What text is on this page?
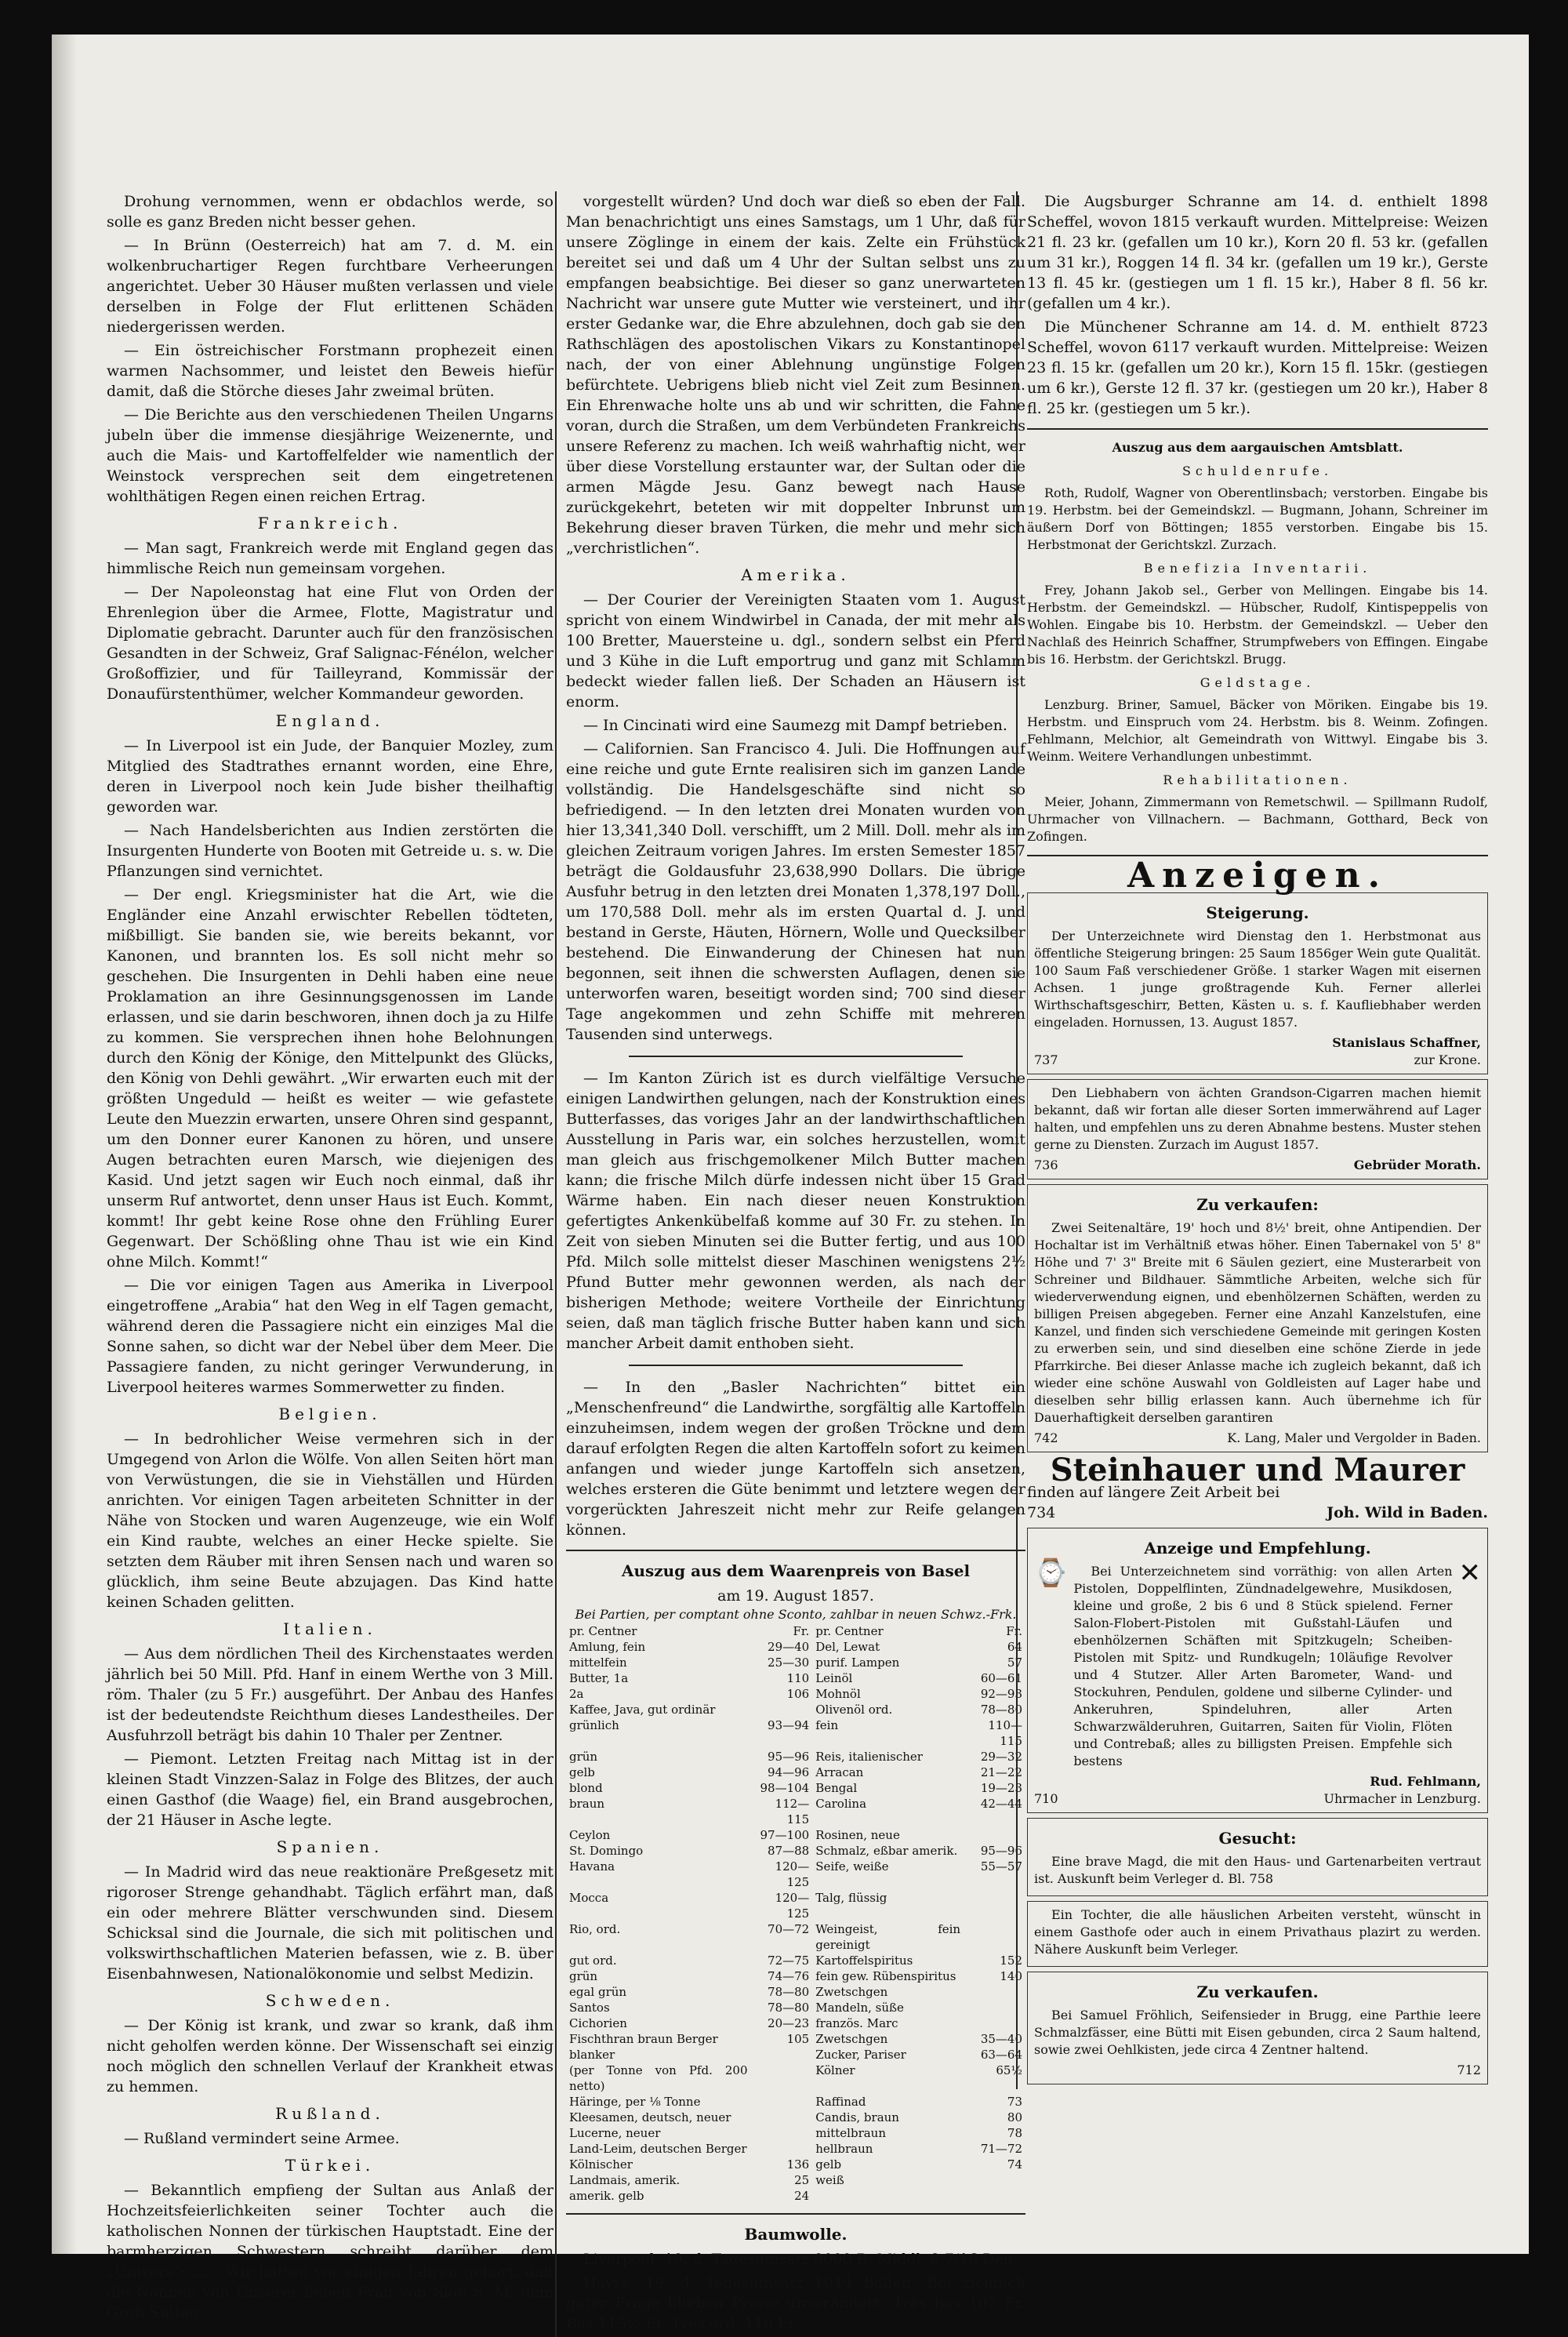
Drohung vernommen, wenn er obdachlos werde, so solle es ganz Breden nicht besser gehen.

— In Brünn (Oesterreich) hat am 7. d. M. ein wolkenbruchartiger Regen furchtbare Verheerungen angerichtet. Ueber 30 Häuser mußten verlassen und viele derselben in Folge der Flut erlittenen Schäden niedergerissen werden.

— Ein östreichischer Forstmann prophezeit einen warmen Nachsommer, und leistet den Beweis hiefür damit, daß die Störche dieses Jahr zweimal brüten.

— Die Berichte aus den verschiedenen Theilen Ungarns jubeln über die immense diesjährige Weizenernte, und auch die Mais- und Kartoffelfelder wie namentlich der Weinstock versprechen seit dem eingetretenen wohlthätigen Regen einen reichen Ertrag.

Frankreich.

— Man sagt, Frankreich werde mit England gegen das himmlische Reich nun gemeinsam vorgehen.

— Der Napoleonstag hat eine Flut von Orden der Ehrenlegion über die Armee, Flotte, Magistratur und Diplomatie gebracht. Darunter auch für den französischen Gesandten in der Schweiz, Graf Salignac-Fénélon, welcher Großoffizier, und für Tailleyrand, Kommissär der Donaufürstenthümer, welcher Kommandeur geworden.

England.

— In Liverpool ist ein Jude, der Banquier Mozley, zum Mitglied des Stadtrathes ernannt worden, eine Ehre, deren in Liverpool noch kein Jude bisher theilhaftig geworden war.

— Nach Handelsberichten aus Indien zerstörten die Insurgenten Hunderte von Booten mit Getreide u. s. w. Die Pflanzungen sind vernichtet.

— Der engl. Kriegsminister hat die Art, wie die Engländer eine Anzahl erwischter Rebellen tödteten, mißbilligt. Sie banden sie, wie bereits bekannt, vor Kanonen, und brannten los. Es soll nicht mehr so geschehen. Die Insurgenten in Dehli haben eine neue Proklamation an ihre Gesinnungsgenossen im Lande erlassen, und sie darin beschworen, ihnen doch ja zu Hilfe zu kommen. Sie versprechen ihnen hohe Belohnungen durch den König der Könige, den Mittelpunkt des Glücks, den König von Dehli gewährt. „Wir erwarten euch mit der größten Ungeduld — heißt es weiter — wie gefastete Leute den Muezzin erwarten, unsere Ohren sind gespannt, um den Donner eurer Kanonen zu hören, und unsere Augen betrachten euren Marsch, wie diejenigen des Kasid. Und jetzt sagen wir Euch noch einmal, daß ihr unserm Ruf antwortet, denn unser Haus ist Euch. Kommt, kommt! Ihr gebt keine Rose ohne den Frühling Eurer Gegenwart. Der Schößling ohne Thau ist wie ein Kind ohne Milch. Kommt!“

— Die vor einigen Tagen aus Amerika in Liverpool eingetroffene „Arabia“ hat den Weg in elf Tagen gemacht, während deren die Passagiere nicht ein einziges Mal die Sonne sahen, so dicht war der Nebel über dem Meer. Die Passagiere fanden, zu nicht geringer Verwunderung, in Liverpool heiteres warmes Sommerwetter zu finden.

Belgien.

— In bedrohlicher Weise vermehren sich in der Umgegend von Arlon die Wölfe. Von allen Seiten hört man von Verwüstungen, die sie in Viehställen und Hürden anrichten. Vor einigen Tagen arbeiteten Schnitter in der Nähe von Stocken und waren Augenzeuge, wie ein Wolf ein Kind raubte, welches an einer Hecke spielte. Sie setzten dem Räuber mit ihren Sensen nach und waren so glücklich, ihm seine Beute abzujagen. Das Kind hatte keinen Schaden gelitten.

Italien.

— Aus dem nördlichen Theil des Kirchenstaates werden jährlich bei 50 Mill. Pfd. Hanf in einem Werthe von 3 Mill. röm. Thaler (zu 5 Fr.) ausgeführt. Der Anbau des Hanfes ist der bedeutendste Reichthum dieses Landestheiles. Der Ausfuhrzoll beträgt bis dahin 10 Thaler per Zentner.

— Piemont. Letzten Freitag nach Mittag ist in der kleinen Stadt Vinzzen-Salaz in Folge des Blitzes, der auch einen Gasthof (die Waage) fiel, ein Brand ausgebrochen, der 21 Häuser in Asche legte.

Spanien.

— In Madrid wird das neue reaktionäre Preßgesetz mit rigoroser Strenge gehandhabt. Täglich erfährt man, daß ein oder mehrere Blätter verschwunden sind. Diesem Schicksal sind die Journale, die sich mit politischen und volkswirthschaftlichen Materien befassen, wie z. B. über Eisenbahnwesen, Nationalökonomie und selbst Medizin.

Schweden.

— Der König ist krank, und zwar so krank, daß ihm nicht geholfen werden könne. Der Wissenschaft sei einzig noch möglich den schnellen Verlauf der Krankheit etwas zu hemmen.

Rußland.

— Rußland vermindert seine Armee.

Türkei.

— Bekanntlich empfieng der Sultan aus Anlaß der Hochzeitsfeierlichkeiten seiner Tochter auch die katholischen Nonnen der türkischen Hauptstadt. Eine der barmherzigen Schwestern schreibt darüber dem „Univers“: „.... Wir hatten vor einigen Jahren gehört, daß die Nonnen von Unserer lieben Frau von Sion S. M. dem Groß-Sultan

vorgestellt würden? Und doch war dieß so eben der Fall. Man benachrichtigt uns eines Samstags, um 1 Uhr, daß für unsere Zöglinge in einem der kais. Zelte ein Frühstück bereitet sei und daß um 4 Uhr der Sultan selbst uns zu empfangen beabsichtige. Bei dieser so ganz unerwarteten Nachricht war unsere gute Mutter wie versteinert, und ihr erster Gedanke war, die Ehre abzulehnen, doch gab sie den Rathschlägen des apostolischen Vikars zu Konstantinopel nach, der von einer Ablehnung ungünstige Folgen befürchtete. Uebrigens blieb nicht viel Zeit zum Besinnen. Ein Ehrenwache holte uns ab und wir schritten, die Fahne voran, durch die Straßen, um dem Verbündeten Frankreichs unsere Referenz zu machen. Ich weiß wahrhaftig nicht, wer über diese Vorstellung erstaunter war, der Sultan oder die armen Mägde Jesu. Ganz bewegt nach Hause zurückgekehrt, beteten wir mit doppelter Inbrunst um Bekehrung dieser braven Türken, die mehr und mehr sich „verchristlichen“.

Amerika.

— Der Courier der Vereinigten Staaten vom 1. August spricht von einem Windwirbel in Canada, der mit mehr als 100 Bretter, Mauersteine u. dgl., sondern selbst ein Pferd und 3 Kühe in die Luft emportrug und ganz mit Schlamm bedeckt wieder fallen ließ. Der Schaden an Häusern ist enorm.

— In Cincinati wird eine Saumezg mit Dampf betrieben.

— Californien. San Francisco 4. Juli. Die Hoffnungen auf eine reiche und gute Ernte realisiren sich im ganzen Lande vollständig. Die Handelsgeschäfte sind nicht so befriedigend. — In den letzten drei Monaten wurden von hier 13,341,340 Doll. verschifft, um 2 Mill. Doll. mehr als im gleichen Zeitraum vorigen Jahres. Im ersten Semester 1857 beträgt die Goldausfuhr 23,638,990 Dollars. Die übrige Ausfuhr betrug in den letzten drei Monaten 1,378,197 Doll., um 170,588 Doll. mehr als im ersten Quartal d. J. und bestand in Gerste, Häuten, Hörnern, Wolle und Quecksilber bestehend. Die Einwanderung der Chinesen hat nun begonnen, seit ihnen die schwersten Auflagen, denen sie unterworfen waren, beseitigt worden sind; 700 sind dieser Tage angekommen und zehn Schiffe mit mehreren Tausenden sind unterwegs.

— Im Kanton Zürich ist es durch vielfältige Versuche einigen Landwirthen gelungen, nach der Konstruktion eines Butterfasses, das voriges Jahr an der landwirthschaftlichen Ausstellung in Paris war, ein solches herzustellen, womit man gleich aus frischgemolkener Milch Butter machen kann; die frische Milch dürfe indessen nicht über 15 Grad Wärme haben. Ein nach dieser neuen Konstruktion gefertigtes Ankenkübelfaß komme auf 30 Fr. zu stehen. In Zeit von sieben Minuten sei die Butter fertig, und aus 100 Pfd. Milch solle mittelst dieser Maschinen wenigstens 2½ Pfund Butter mehr gewonnen werden, als nach der bisherigen Methode; weitere Vortheile der Einrichtung seien, daß man täglich frische Butter haben kann und sich mancher Arbeit damit enthoben sieht.

— In den „Basler Nachrichten“ bittet ein „Menschenfreund“ die Landwirthe, sorgfältig alle Kartoffeln einzuheimsen, indem wegen der großen Tröckne und dem darauf erfolgten Regen die alten Kartoffeln sofort zu keimen anfangen und wieder junge Kartoffeln sich ansetzen, welches ersteren die Güte benimmt und letztere wegen der vorgerückten Jahreszeit nicht mehr zur Reife gelangen können.

Auszug aus dem Waarenpreis von Basel
am 19. August 1857.
Bei Partien, per comptant ohne Sconto, zahlbar in neuen Schwz.-Frk.
pr. Centner	Fr.	pr. Centner	Fr.
Amlung, fein	29—40	Del, Lewat	64
mittelfein	25—30	purif. Lampen	57
Butter, 1a	110	Leinöl	60—61
2a	106	Mohnöl	92—93
Kaffee, Java, gut ordinär		Olivenöl ord.	78—80
grünlich	93—94	fein	110—115
grün	95—96	Reis, italienischer	29—32
gelb	94—96	Arracan	21—22
blond	98—104	Bengal	19—23
braun	112—115	Carolina	42—44
Ceylon	97—100	Rosinen, neue	
St. Domingo	87—88	Schmalz, eßbar amerik.	95—96
Havana	120—125	Seife, weiße	55—57
Mocca	120—125	Talg, flüssig	
Rio, ord.	70—72	Weingeist, fein gereinigt	
gut ord.	72—75	Kartoffelspiritus	152
grün	74—76	fein gew. Rübenspiritus	140
egal grün	78—80	Zwetschgen	
Santos	78—80	Mandeln, süße	
Cichorien	20—23	französ. Marc	
Fischthran braun Berger	105	Zwetschgen	35—40
blanker		Zucker, Pariser	63—64
(per Tonne von Pfd. 200 netto)		Kölner	65½
Häringe, per ⅛ Tonne		Raffinad	73
Kleesamen, deutsch, neuer		Candis, braun	80
Lucerne, neuer		mittelbraun	78
Land-Leim, deutschen Berger		hellbraun	71—72
Kölnischer	136	gelb	74
Landmais, amerik.	25	weiß	
amerik. gelb	24		
Baumwolle.

Liverpool, 19. d. Tagesumsatz 9000 B. Middl. 8 7/16 Den.

Havre, 19. d. Tagesumsatz 1044 Ballen. Bei ziemlich guter Frage blieben Preise unverändert. Très bas 107 Fr. Bas 115½ Fr. Très ord. 118 Fr.

Die Augsburger Schranne am 14. d. enthielt 1898 Scheffel, wovon 1815 verkauft wurden. Mittelpreise: Weizen 21 fl. 23 kr. (gefallen um 10 kr.), Korn 20 fl. 53 kr. (gefallen um 31 kr.), Roggen 14 fl. 34 kr. (gefallen um 19 kr.), Gerste 13 fl. 45 kr. (gestiegen um 1 fl. 15 kr.), Haber 8 fl. 56 kr. (gefallen um 4 kr.).

Die Münchener Schranne am 14. d. M. enthielt 8723 Scheffel, wovon 6117 verkauft wurden. Mittelpreise: Weizen 23 fl. 15 kr. (gefallen um 20 kr.), Korn 15 fl. 15kr. (gestiegen um 6 kr.), Gerste 12 fl. 37 kr. (gestiegen um 20 kr.), Haber 8 fl. 25 kr. (gestiegen um 5 kr.).

Auszug aus dem aargauischen Amtsblatt.
Schuldenrufe.

Roth, Rudolf, Wagner von Oberentlinsbach; verstorben. Eingabe bis 19. Herbstm. bei der Gemeindskzl. — Bugmann, Johann, Schreiner im äußern Dorf von Böttingen; 1855 verstorben. Eingabe bis 15. Herbstmonat der Gerichtskzl. Zurzach.

Benefizia Inventarii.

Frey, Johann Jakob sel., Gerber von Mellingen. Eingabe bis 14. Herbstm. der Gemeindskzl. — Hübscher, Rudolf, Kintispeppelis von Wohlen. Eingabe bis 10. Herbstm. der Gemeindskzl. — Ueber den Nachlaß des Heinrich Schaffner, Strumpfwebers von Effingen. Eingabe bis 16. Herbstm. der Gerichtskzl. Brugg.

Geldstage.

Lenzburg. Briner, Samuel, Bäcker von Möriken. Eingabe bis 19. Herbstm. und Einspruch vom 24. Herbstm. bis 8. Weinm. Zofingen. Fehlmann, Melchior, alt Gemeindrath von Wittwyl. Eingabe bis 3. Weinm. Weitere Verhandlungen unbestimmt.

Rehabilitationen.

Meier, Johann, Zimmermann von Remetschwil. — Spillmann Rudolf, Uhrmacher von Villnachern. — Bachmann, Gotthard, Beck von Zofingen.

Anzeigen.
Steigerung.

Der Unterzeichnete wird Dienstag den 1. Herbstmonat aus öffentliche Steigerung bringen: 25 Saum 1856ger Wein gute Qualität. 100 Saum Faß verschiedener Größe. 1 starker Wagen mit eisernen Achsen. 1 junge großtragende Kuh. Ferner allerlei Wirthschaftsgeschirr, Betten, Kästen u. s. f. Kaufliebhaber werden eingeladen. Hornussen, 13. August 1857.

Stanislaus Schaffner,
737	zur Krone.

Den Liebhabern von ächten Grandson-Cigarren machen hiemit bekannt, daß wir fortan alle dieser Sorten immerwährend auf Lager halten, und empfehlen uns zu deren Abnahme bestens. Muster stehen gerne zu Diensten. Zurzach im August 1857.

736	Gebrüder Morath.
Zu verkaufen:

Zwei Seitenaltäre, 19' hoch und 8½' breit, ohne Antipendien. Der Hochaltar ist im Verhältniß etwas höher. Einen Tabernakel von 5' 8" Höhe und 7' 3" Breite mit 6 Säulen geziert, eine Musterarbeit von Schreiner und Bildhauer. Sämmtliche Arbeiten, welche sich für wiederverwendung eignen, und ebenhölzernen Schäften, werden zu billigen Preisen abgegeben. Ferner eine Anzahl Kanzelstufen, eine Kanzel, und finden sich verschiedene Gemeinde mit geringen Kosten zu erwerben sein, und sind dieselben eine schöne Zierde in jede Pfarrkirche. Bei dieser Anlasse mache ich zugleich bekannt, daß ich wieder eine schöne Auswahl von Goldleisten auf Lager habe und dieselben sehr billig erlassen kann. Auch übernehme ich für Dauerhaftigkeit derselben garantiren

742	K. Lang, Maler und Vergolder in Baden.
Steinhauer und Maurer
finden auf längere Zeit Arbeit bei
734	Joh. Wild in Baden.
Anzeige und Empfehlung.
⌚	Bei Unterzeichnetem sind vorräthig: von allen Arten Pistolen, Doppelflinten, Zündnadelgewehre, Musikdosen, kleine und große, 2 bis 6 und 8 Stück spielend. Ferner Salon-Flobert-Pistolen mit Gußstahl-Läufen und ebenhölzernen Schäften mit Spitzkugeln; Scheiben-Pistolen mit Spitz- und Rundkugeln; 10läufige Revolver und 4 Stutzer. Aller Arten Barometer, Wand- und Stockuhren, Pendulen, goldene und silberne Cylinder- und Ankeruhren, Spindeluhren, aller Arten Schwarzwälderuhren, Guitarren, Saiten für Violin, Flöten und Contrebaß; alles zu billigsten Preisen. Empfehle sich bestens

✕
Rud. Fehlmann,
710	Uhrmacher in Lenzburg.
Gesucht:

Eine brave Magd, die mit den Haus- und Gartenarbeiten vertraut ist. Auskunft beim Verleger d. Bl. 758

Ein Tochter, die alle häuslichen Arbeiten versteht, wünscht in einem Gasthofe oder auch in einem Privathaus plazirt zu werden. Nähere Auskunft beim Verleger.

Zu verkaufen.

Bei Samuel Fröhlich, Seifensieder in Brugg, eine Parthie leere Schmalzfässer, eine Bütti mit Eisen gebunden, circa 2 Saum haltend, sowie zwei Oehlkisten, jede circa 4 Zentner haltend.

712
